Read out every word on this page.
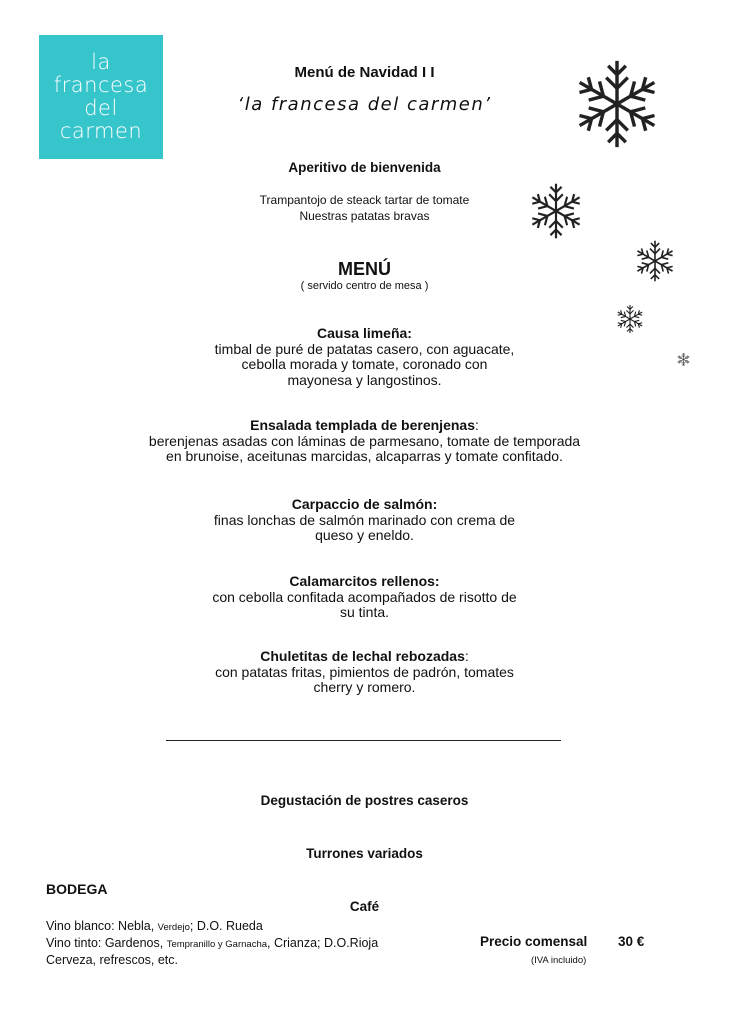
la
francesa
del
carmen
Menú de Navidad I I
‘la francesa del carmen’
Aperitivo de bienvenida
Trampantojo de steack tartar de tomate
Nuestras patatas bravas
MENÚ
( servido centro de mesa )
Causa limeña:
timbal de puré de patatas casero, con aguacate,
cebolla morada y tomate, coronado con
mayonesa y langostinos.
Ensalada templada de berenjenas:
berenjenas asadas con láminas de parmesano, tomate de temporada
en brunoise, aceitunas marcidas, alcaparras y tomate confitado.
Carpaccio de salmón:
finas lonchas de salmón marinado con crema de
queso y eneldo.
Calamarcitos rellenos:
con cebolla confitada acompañados de risotto de
su tinta.
Chuletitas de lechal rebozadas:
con patatas fritas, pimientos de padrón, tomates
cherry y romero.
Degustación de postres caseros
Turrones variados
Café
BODEGA
Vino blanco: Nebla, Verdejo; D.O. Rueda
Vino tinto: Gardenos, Tempranillo y Garnacha, Crianza; D.O.Rioja
Cerveza, refrescos, etc.
Precio comensal 30 €
(IVA incluido)
